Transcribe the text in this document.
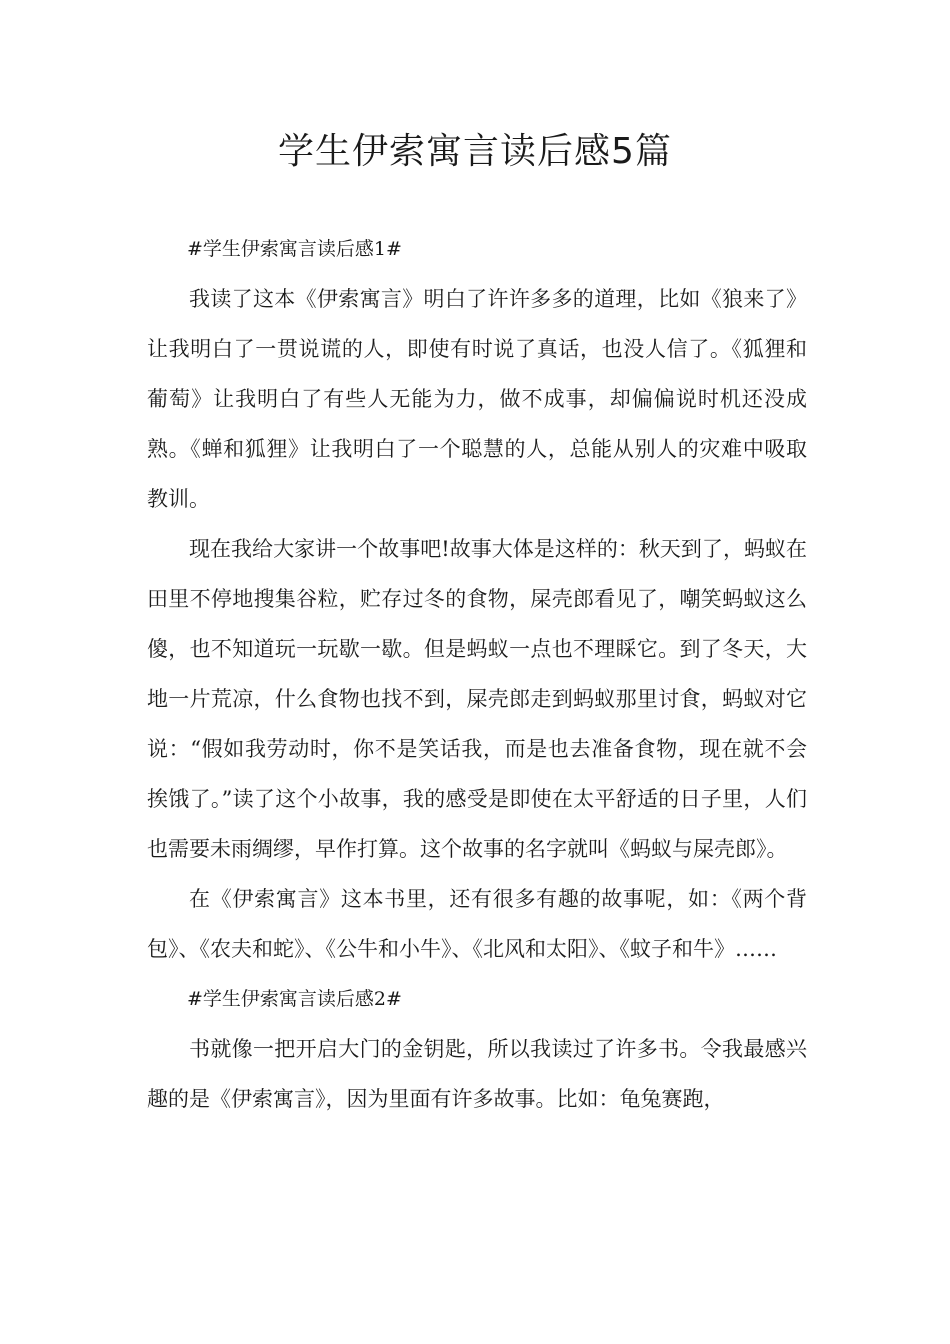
学生伊索寓言读后感5篇

#学生伊索寓言读后感1#

我读了这本《伊索寓言》明白了许许多多的道理，比如《狼来了》让我明白了一贯说谎的人，即使有时说了真话，也没人信了。《狐狸和葡萄》让我明白了有些人无能为力，做不成事，却偏偏说时机还没成熟。《蝉和狐狸》让我明白了一个聪慧的人，总能从别人的灾难中吸取教训。

现在我给大家讲一个故事吧!故事大体是这样的：秋天到了，蚂蚁在田里不停地搜集谷粒，贮存过冬的食物，屎壳郎看见了，嘲笑蚂蚁这么傻，也不知道玩一玩歇一歇。但是蚂蚁一点也不理睬它。到了冬天，大地一片荒凉，什么食物也找不到，屎壳郎走到蚂蚁那里讨食，蚂蚁对它说：“假如我劳动时，你不是笑话我，而是也去准备食物，现在就不会挨饿了。”读了这个小故事，我的感受是即使在太平舒适的日子里，人们也需要未雨绸缪，早作打算。这个故事的名字就叫《蚂蚁与屎壳郎》。

在《伊索寓言》这本书里，还有很多有趣的故事呢，如：《两个背包》、《农夫和蛇》、《公牛和小牛》、《北风和太阳》、《蚊子和牛》……

#学生伊索寓言读后感2#

书就像一把开启大门的金钥匙，所以我读过了许多书。令我最感兴趣的是《伊索寓言》，因为里面有许多故事。比如：龟兔赛跑，
